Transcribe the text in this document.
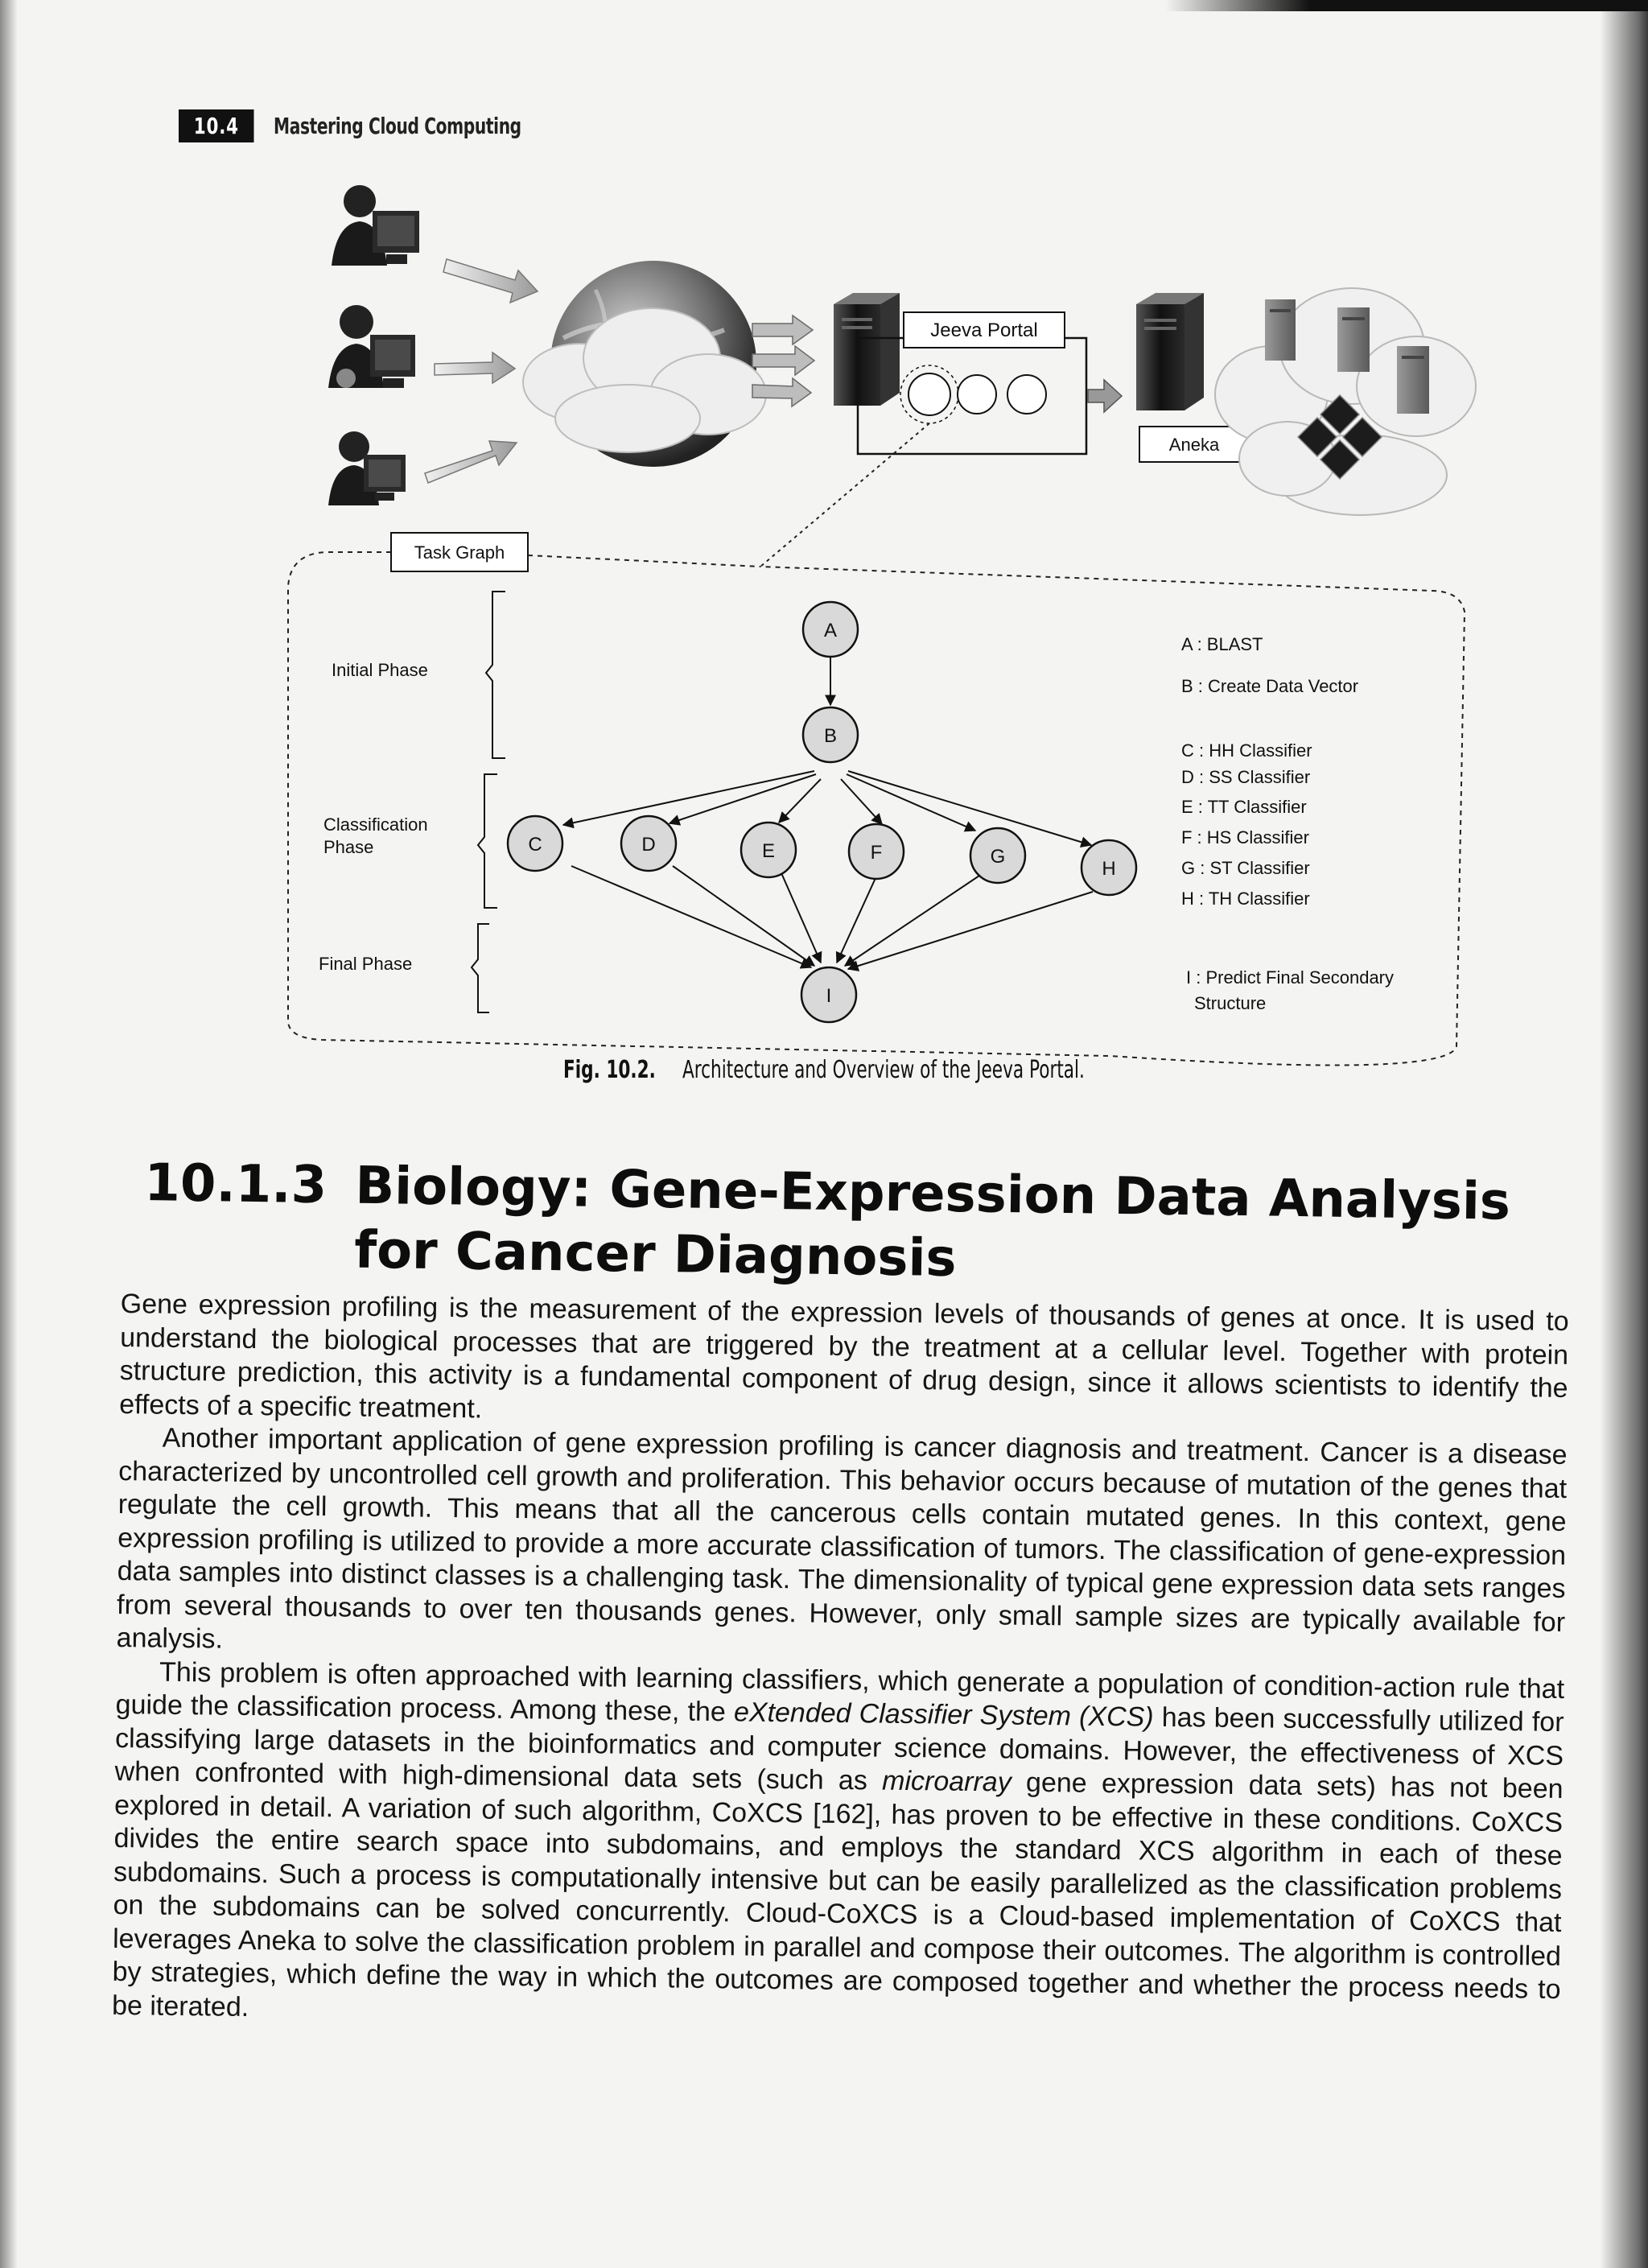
10.4	Mastering Cloud Computing
Jeeva Portal
Aneka
Task Graph
Initial Phase
Classification
Phase
Final Phase
A
B
C	D	E	F	G
H
I
A : BLAST
B : Create Data Vector
C : HH Classifier
D : SS Classifier
E : TT Classifier
F : HS Classifier
G : ST Classifier
H : TH Classifier
I : Predict Final Secondary
Structure
Fig. 10.2. Architecture and Overview of the Jeeva Portal.
10.1.3 Biology: Gene-Expression Data Analysis for Cancer Diagnosis

Gene expression profiling is the measurement of the expression levels of thousands of genes at once. It is used to understand the biological processes that are triggered by the treatment at a cellular level. Together with protein structure prediction, this activity is a fundamental component of drug design, since it allows scientists to identify the effects of a specific treatment.

Another important application of gene expression profiling is cancer diagnosis and treatment. Cancer is a disease characterized by uncontrolled cell growth and proliferation. This behavior occurs because of mutation of the genes that regulate the cell growth. This means that all the cancerous cells contain mutated genes. In this context, gene expression profiling is utilized to provide a more accurate classification of tumors. The classification of gene-expression data samples into distinct classes is a challenging task. The dimensionality of typical gene expression data sets ranges from several thousands to over ten thousands genes. However, only small sample sizes are typically available for analysis.

This problem is often approached with learning classifiers, which generate a population of condition-action rule that guide the classification process. Among these, the eXtended Classifier System (XCS) has been successfully utilized for classifying large datasets in the bioinformatics and computer science domains. However, the effectiveness of XCS when confronted with high-dimensional data sets (such as microarray gene expression data sets) has not been explored in detail. A variation of such algorithm, CoXCS [162], has proven to be effective in these conditions. CoXCS divides the entire search space into subdomains, and employs the standard XCS algorithm in each of these subdomains. Such a process is computationally intensive but can be easily parallelized as the classification problems on the subdomains can be solved concurrently. Cloud-CoXCS is a Cloud-based implementation of CoXCS that leverages Aneka to solve the classification problem in parallel and compose their outcomes. The algorithm is controlled by strategies, which define the way in which the outcomes are composed together and whether the process needs to be iterated.
